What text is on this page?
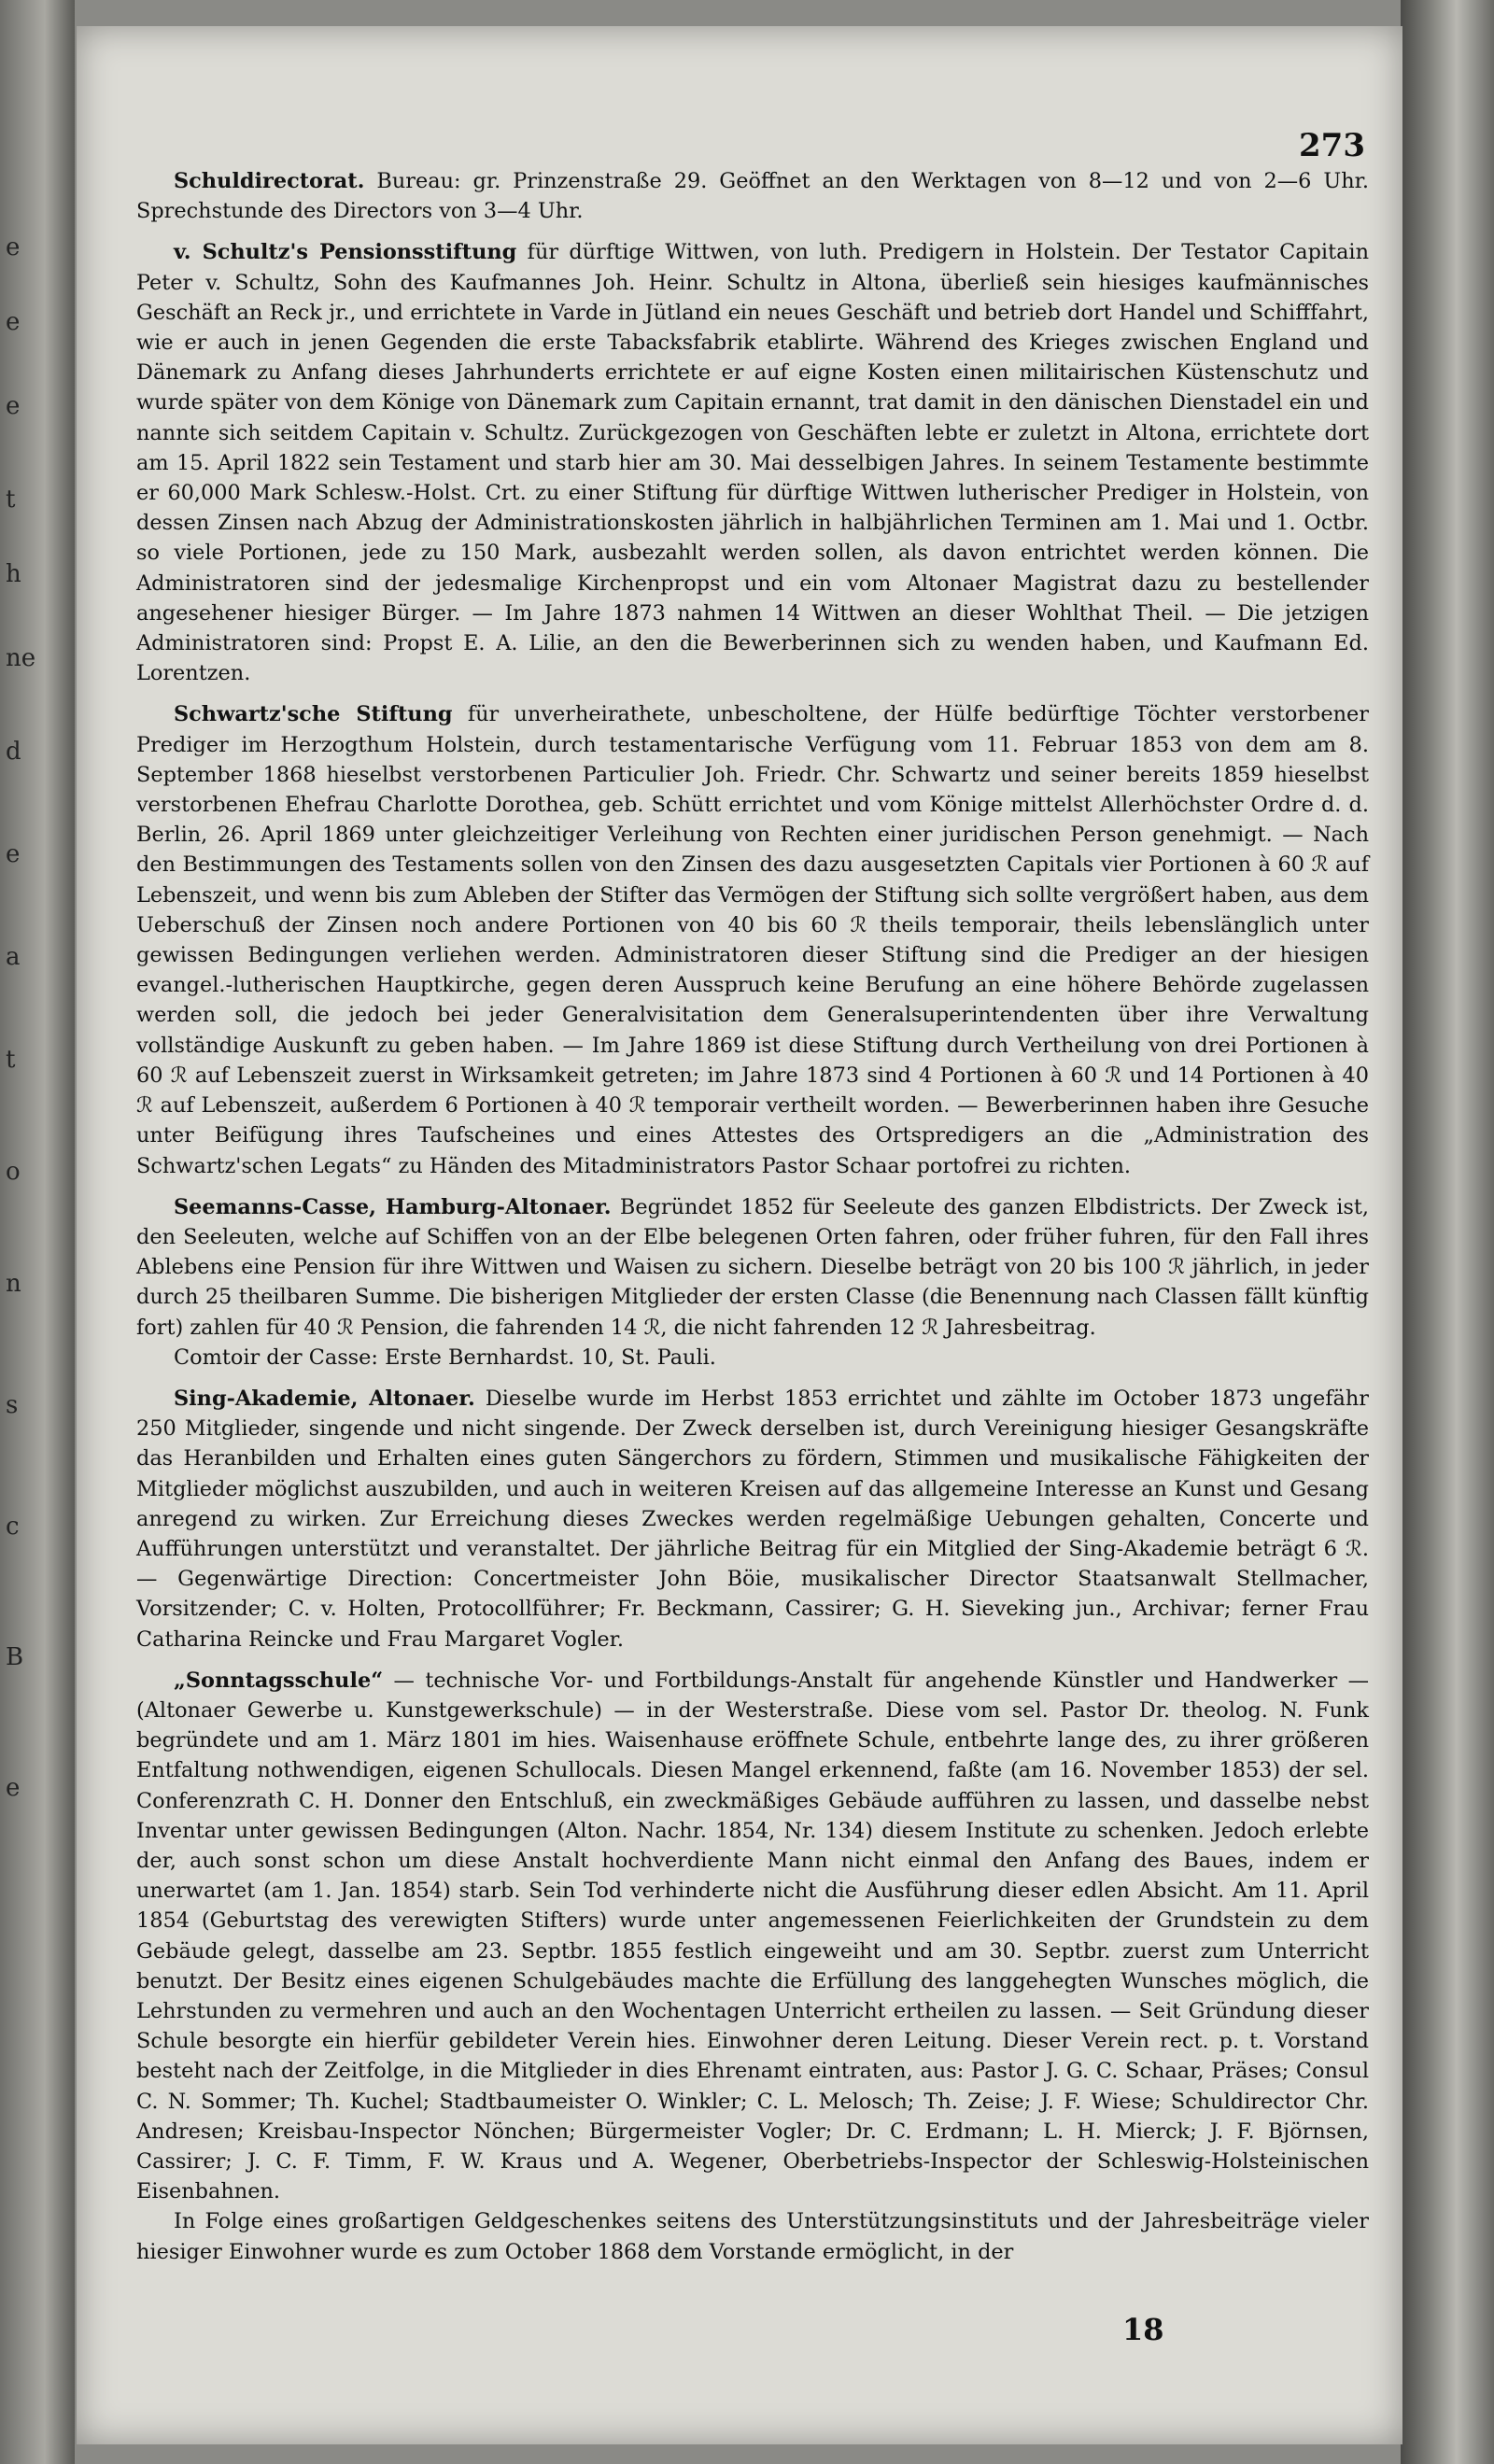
e
e
e
t
h
ne
d
e
a
t
o
n
s
c
B
e
273

Schuldirectorat. Bureau: gr. Prinzenstraße 29. Geöffnet an den Werktagen von 8—12 und von 2—6 Uhr. Sprechstunde des Directors von 3—4 Uhr.

v. Schultz's Pensionsstiftung für dürftige Wittwen, von luth. Predigern in Holstein. Der Testator Capitain Peter v. Schultz, Sohn des Kaufmannes Joh. Heinr. Schultz in Altona, überließ sein hiesiges kaufmännisches Geschäft an Reck jr., und errichtete in Varde in Jütland ein neues Geschäft und betrieb dort Handel und Schifffahrt, wie er auch in jenen Gegenden die erste Tabacksfabrik etablirte. Während des Krieges zwischen England und Dänemark zu Anfang dieses Jahrhunderts errichtete er auf eigne Kosten einen militairischen Küstenschutz und wurde später von dem Könige von Dänemark zum Capitain ernannt, trat damit in den dänischen Dienstadel ein und nannte sich seitdem Capitain v. Schultz. Zurückgezogen von Geschäften lebte er zuletzt in Altona, errichtete dort am 15. April 1822 sein Testament und starb hier am 30. Mai desselbigen Jahres. In seinem Testamente bestimmte er 60,000 Mark Schlesw.-Holst. Crt. zu einer Stiftung für dürftige Wittwen lutherischer Prediger in Holstein, von dessen Zinsen nach Abzug der Administrationskosten jährlich in halbjährlichen Terminen am 1. Mai und 1. Octbr. so viele Portionen, jede zu 150 Mark, ausbezahlt werden sollen, als davon entrichtet werden können. Die Administratoren sind der jedesmalige Kirchenpropst und ein vom Altonaer Magistrat dazu zu bestellender angesehener hiesiger Bürger. — Im Jahre 1873 nahmen 14 Wittwen an dieser Wohlthat Theil. — Die jetzigen Administratoren sind: Propst E. A. Lilie, an den die Bewerberinnen sich zu wenden haben, und Kaufmann Ed. Lorentzen.

Schwartz'sche Stiftung für unverheirathete, unbescholtene, der Hülfe bedürftige Töchter verstorbener Prediger im Herzogthum Holstein, durch testamentarische Verfügung vom 11. Februar 1853 von dem am 8. September 1868 hieselbst verstorbenen Particulier Joh. Friedr. Chr. Schwartz und seiner bereits 1859 hieselbst verstorbenen Ehefrau Charlotte Dorothea, geb. Schütt errichtet und vom Könige mittelst Allerhöchster Ordre d. d. Berlin, 26. April 1869 unter gleichzeitiger Verleihung von Rechten einer juridischen Person genehmigt. — Nach den Bestimmungen des Testaments sollen von den Zinsen des dazu ausgesetzten Capitals vier Portionen à 60 ℛ auf Lebenszeit, und wenn bis zum Ableben der Stifter das Vermögen der Stiftung sich sollte vergrößert haben, aus dem Ueberschuß der Zinsen noch andere Portionen von 40 bis 60 ℛ theils temporair, theils lebenslänglich unter gewissen Bedingungen verliehen werden. Administratoren dieser Stiftung sind die Prediger an der hiesigen evangel.-lutherischen Hauptkirche, gegen deren Ausspruch keine Berufung an eine höhere Behörde zugelassen werden soll, die jedoch bei jeder Generalvisitation dem Generalsuperintendenten über ihre Verwaltung vollständige Auskunft zu geben haben. — Im Jahre 1869 ist diese Stiftung durch Vertheilung von drei Portionen à 60 ℛ auf Lebenszeit zuerst in Wirksamkeit getreten; im Jahre 1873 sind 4 Portionen à 60 ℛ und 14 Portionen à 40 ℛ auf Lebenszeit, außerdem 6 Portionen à 40 ℛ temporair vertheilt worden. — Bewerberinnen haben ihre Gesuche unter Beifügung ihres Taufscheines und eines Attestes des Ortspredigers an die „Administration des Schwartz'schen Legats“ zu Händen des Mitadministrators Pastor Schaar portofrei zu richten.

Seemanns-Casse, Hamburg-Altonaer. Begründet 1852 für Seeleute des ganzen Elbdistricts. Der Zweck ist, den Seeleuten, welche auf Schiffen von an der Elbe belegenen Orten fahren, oder früher fuhren, für den Fall ihres Ablebens eine Pension für ihre Wittwen und Waisen zu sichern. Dieselbe beträgt von 20 bis 100 ℛ jährlich, in jeder durch 25 theilbaren Summe. Die bisherigen Mitglieder der ersten Classe (die Benennung nach Classen fällt künftig fort) zahlen für 40 ℛ Pension, die fahrenden 14 ℛ, die nicht fahrenden 12 ℛ Jahresbeitrag.

Comtoir der Casse: Erste Bernhardst. 10, St. Pauli.

Sing-Akademie, Altonaer. Dieselbe wurde im Herbst 1853 errichtet und zählte im October 1873 ungefähr 250 Mitglieder, singende und nicht singende. Der Zweck derselben ist, durch Vereinigung hiesiger Gesangskräfte das Heranbilden und Erhalten eines guten Sängerchors zu fördern, Stimmen und musikalische Fähigkeiten der Mitglieder möglichst auszubilden, und auch in weiteren Kreisen auf das allgemeine Interesse an Kunst und Gesang anregend zu wirken. Zur Erreichung dieses Zweckes werden regelmäßige Uebungen gehalten, Concerte und Aufführungen unterstützt und veranstaltet. Der jährliche Beitrag für ein Mitglied der Sing-Akademie beträgt 6 ℛ. — Gegenwärtige Direction: Concertmeister John Böie, musikalischer Director Staatsanwalt Stellmacher, Vorsitzender; C. v. Holten, Protocollführer; Fr. Beckmann, Cassirer; G. H. Sieveking jun., Archivar; ferner Frau Catharina Reincke und Frau Margaret Vogler.

„Sonntagsschule“ — technische Vor- und Fortbildungs-Anstalt für angehende Künstler und Handwerker — (Altonaer Gewerbe u. Kunstgewerkschule) — in der Westerstraße. Diese vom sel. Pastor Dr. theolog. N. Funk begründete und am 1. März 1801 im hies. Waisenhause eröffnete Schule, entbehrte lange des, zu ihrer größeren Entfaltung nothwendigen, eigenen Schullocals. Diesen Mangel erkennend, faßte (am 16. November 1853) der sel. Conferenzrath C. H. Donner den Entschluß, ein zweckmäßiges Gebäude aufführen zu lassen, und dasselbe nebst Inventar unter gewissen Bedingungen (Alton. Nachr. 1854, Nr. 134) diesem Institute zu schenken. Jedoch erlebte der, auch sonst schon um diese Anstalt hochverdiente Mann nicht einmal den Anfang des Baues, indem er unerwartet (am 1. Jan. 1854) starb. Sein Tod verhinderte nicht die Ausführung dieser edlen Absicht. Am 11. April 1854 (Geburtstag des verewigten Stifters) wurde unter angemessenen Feierlichkeiten der Grundstein zu dem Gebäude gelegt, dasselbe am 23. Septbr. 1855 festlich eingeweiht und am 30. Septbr. zuerst zum Unterricht benutzt. Der Besitz eines eigenen Schulgebäudes machte die Erfüllung des langgehegten Wunsches möglich, die Lehrstunden zu vermehren und auch an den Wochentagen Unterricht ertheilen zu lassen. — Seit Gründung dieser Schule besorgte ein hierfür gebildeter Verein hies. Einwohner deren Leitung. Dieser Verein rect. p. t. Vorstand besteht nach der Zeitfolge, in die Mitglieder in dies Ehrenamt eintraten, aus: Pastor J. G. C. Schaar, Präses; Consul C. N. Sommer; Th. Kuchel; Stadtbaumeister O. Winkler; C. L. Melosch; Th. Zeise; J. F. Wiese; Schuldirector Chr. Andresen; Kreisbau-Inspector Nönchen; Bürgermeister Vogler; Dr. C. Erdmann; L. H. Mierck; J. F. Björnsen, Cassirer; J. C. F. Timm, F. W. Kraus und A. Wegener, Oberbetriebs-Inspector der Schleswig-Holsteinischen Eisenbahnen.

In Folge eines großartigen Geldgeschenkes seitens des Unterstützungsinstituts und der Jahresbeiträge vieler hiesiger Einwohner wurde es zum October 1868 dem Vorstande ermöglicht, in der

18
